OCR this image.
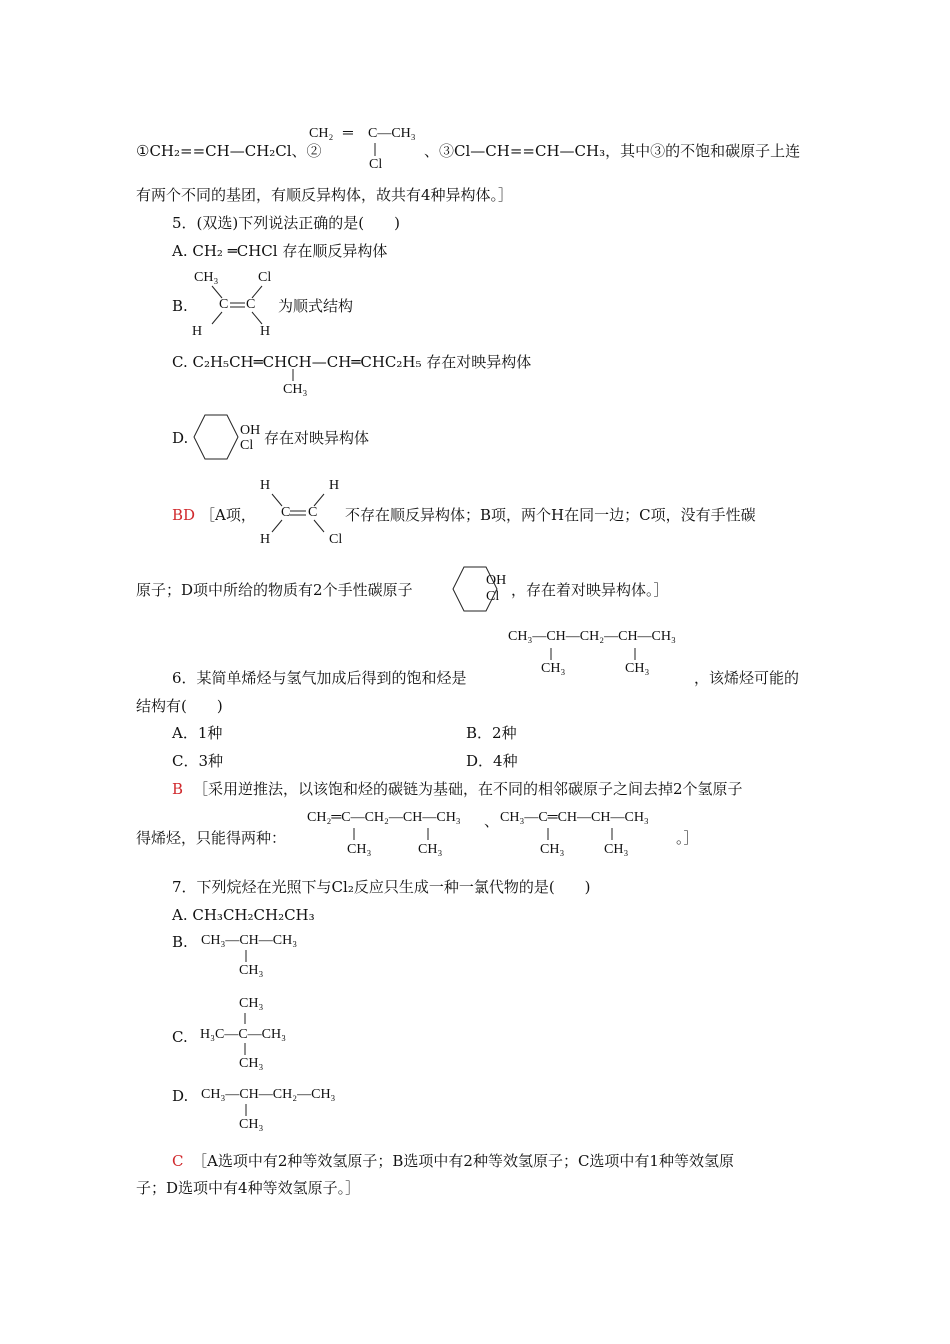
①CH₂==CH—CH₂Cl、②
CH₂ ═ C—CH₃
Cl
、③Cl—CH==CH—CH₃，其中③的不饱和碳原子上连
有两个不同的基团，有顺反异构体，故共有4种异构体。］
5．(双选)下列说法正确的是(　　)
A. CH₂ ═CHCl 存在顺反异构体
B.
CH₃	Cl
C C
H	H
为顺式结构
C. C₂H₅CH═CHCH—CH═CHC₂H₅ 存在对映异构体
CH₃
D.	OH
Cl 存在对映异构体
BD ［A项，
H	H
C C
H	Cl
不存在顺反异构体；B项，两个H在同一边；C项，没有手性碳
原子；D项中所给的物质有2个手性碳原子
OH
Cl ，存在着对映异构体。］
CH₃—CH—CH₂—CH—CH₃
CH₃	CH₃
6．某简单烯烃与氢气加成后得到的饱和烃是	，该烯烃可能的
结构有(　　)
A．1种	B．2种
C．3种	D．4种
B ［采用逆推法，以该饱和烃的碳链为基础，在不同的相邻碳原子之间去掉2个氢原子
得烯烃，只能得两种：
CH₂═C—CH₂—CH—CH₃
CH₃	CH₃
、 CH₃—C═CH—CH—CH₃
CH₃	CH₃
。］
7．下列烷烃在光照下与Cl₂反应只生成一种一氯代物的是(　　)
A. CH₃CH₂CH₂CH₃
B. CH₃—CH—CH₃
CH₃
C.
CH₃
H₃C—C—CH₃
CH₃
D. CH₃—CH—CH₂—CH₃
CH₃
C ［A选项中有2种等效氢原子；B选项中有2种等效氢原子；C选项中有1种等效氢原
子；D选项中有4种等效氢原子。］
